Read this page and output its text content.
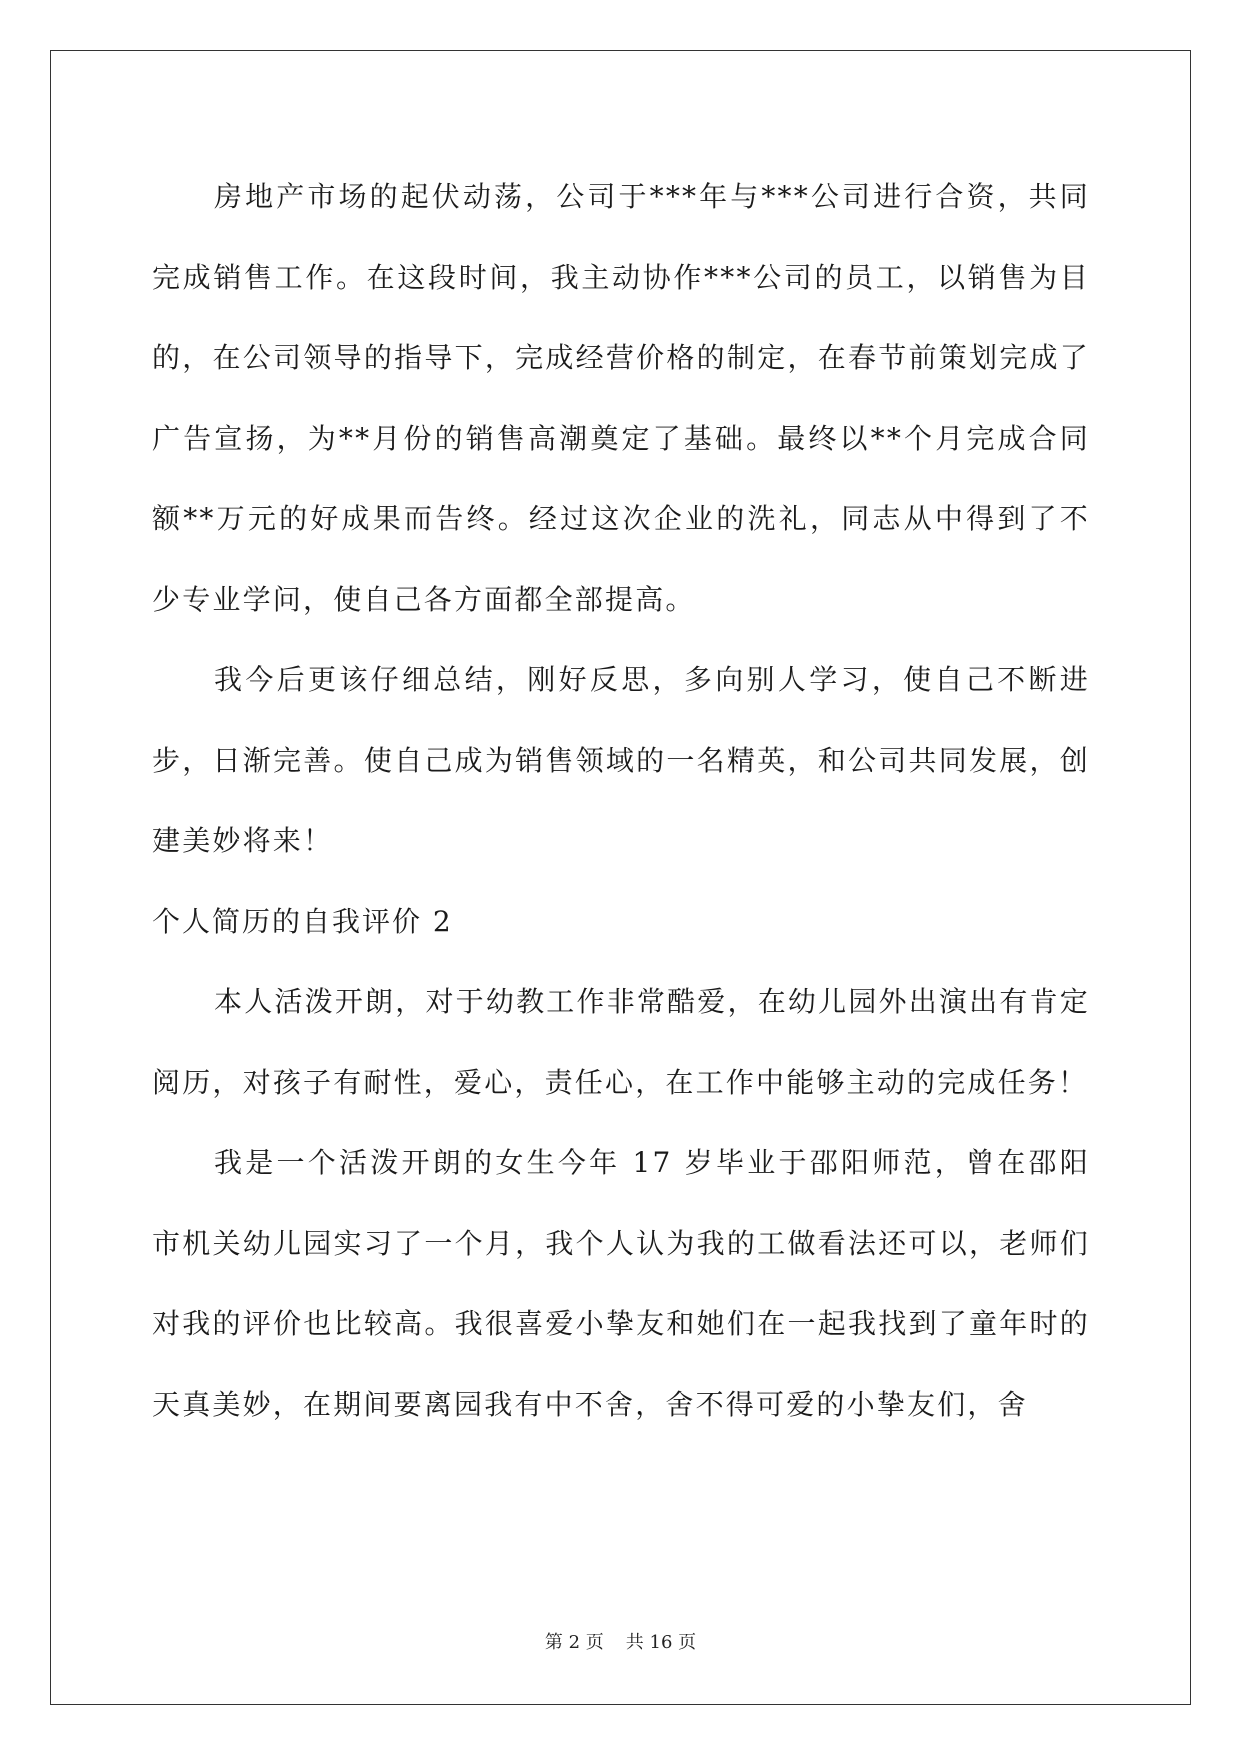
房地产市场的起伏动荡，公司于***年与***公司进行合资，共同完成销售工作。在这段时间，我主动协作***公司的员工，以销售为目的，在公司领导的指导下，完成经营价格的制定，在春节前策划完成了广告宣扬，为**月份的销售高潮奠定了基础。最终以**个月完成合同额**万元的好成果而告终。经过这次企业的洗礼，同志从中得到了不少专业学问，使自己各方面都全部提高。

我今后更该仔细总结，刚好反思，多向别人学习，使自己不断进步，日渐完善。使自己成为销售领域的一名精英，和公司共同发展，创建美妙将来！

个人简历的自我评价 2

本人活泼开朗，对于幼教工作非常酷爱，在幼儿园外出演出有肯定阅历，对孩子有耐性，爱心，责任心，在工作中能够主动的完成任务！

我是一个活泼开朗的女生今年 17 岁毕业于邵阳师范，曾在邵阳市机关幼儿园实习了一个月，我个人认为我的工做看法还可以，老师们对我的评价也比较高。我很喜爱小挚友和她们在一起我找到了童年时的天真美妙，在期间要离园我有中不舍，舍不得可爱的小挚友们，舍

第 2 页 共 16 页
